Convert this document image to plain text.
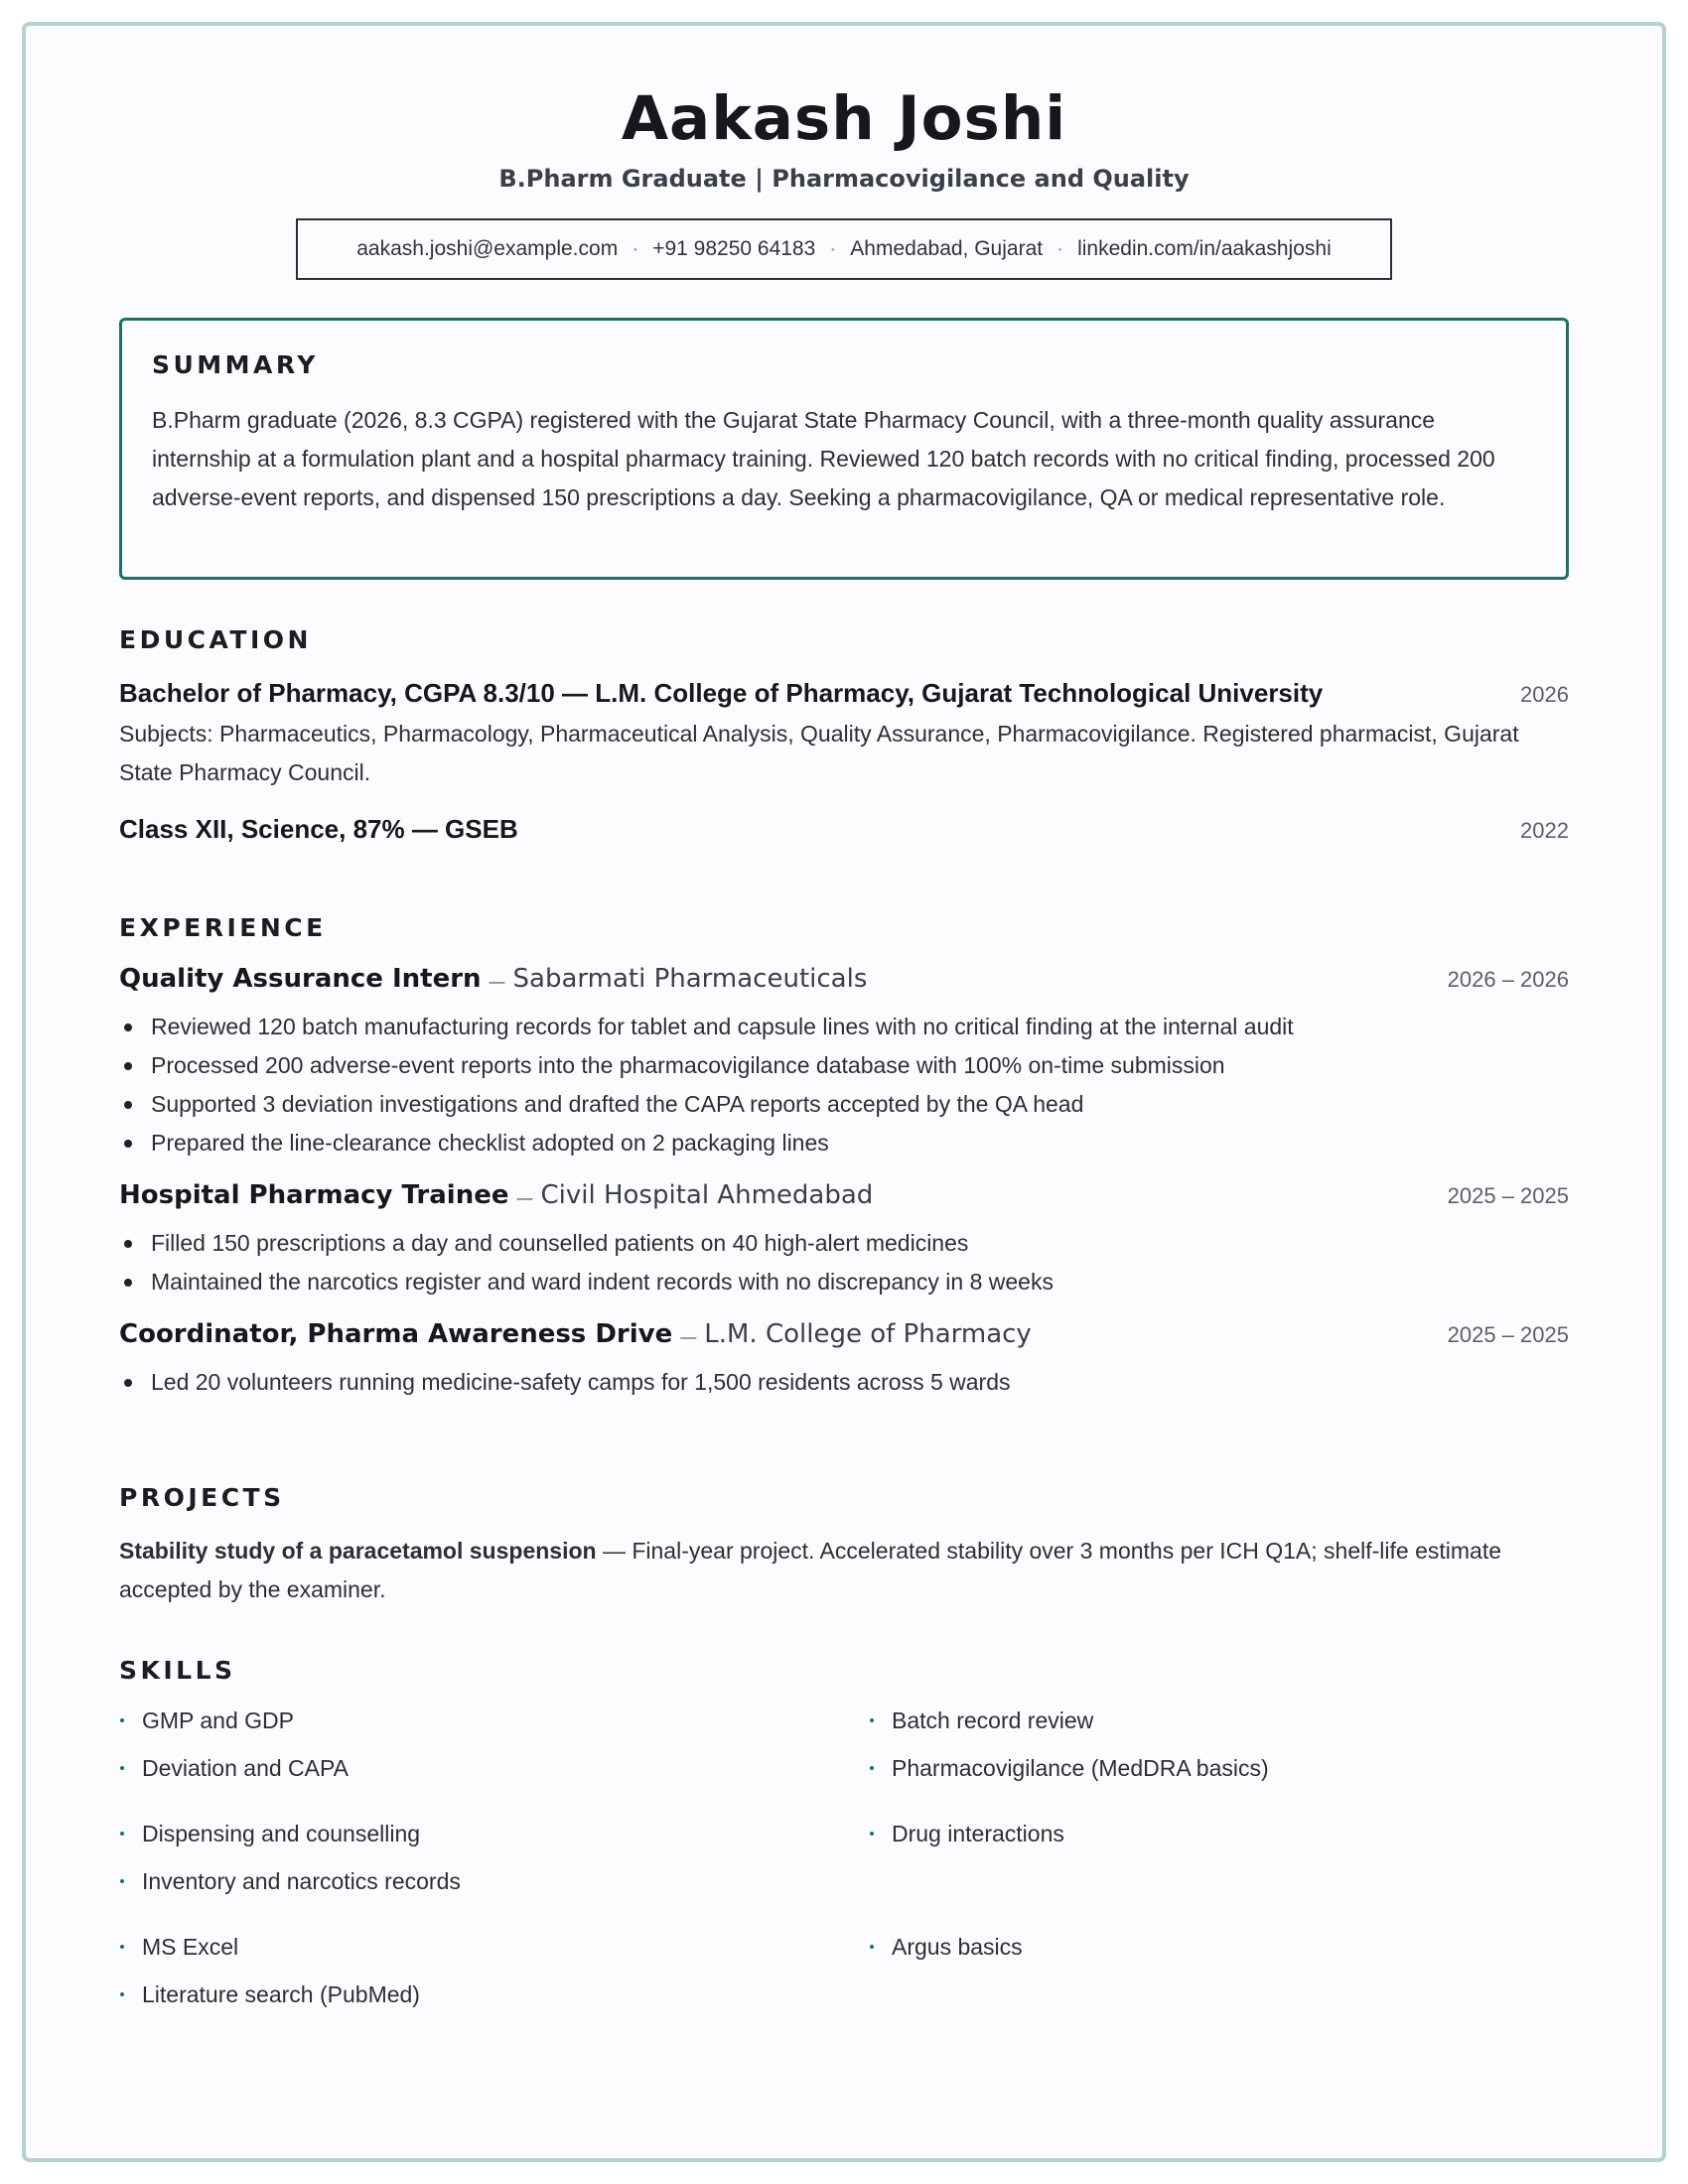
Aakash Joshi
B.Pharm Graduate | Pharmacovigilance and Quality
aakash.joshi@example.com · +91 98250 64183 · Ahmedabad, Gujarat · linkedin.com/in/aakashjoshi
SUMMARY
B.Pharm graduate (2026, 8.3 CGPA) registered with the Gujarat State Pharmacy Council, with a three-month quality assurance internship at a formulation plant and a hospital pharmacy training. Reviewed 120 batch records with no critical finding, processed 200 adverse-event reports, and dispensed 150 prescriptions a day. Seeking a pharmacovigilance, QA or medical representative role.
EDUCATION
Bachelor of Pharmacy, CGPA 8.3/10 — L.M. College of Pharmacy, Gujarat Technological University	2026
Subjects: Pharmaceutics, Pharmacology, Pharmaceutical Analysis, Quality Assurance, Pharmacovigilance. Registered pharmacist, Gujarat State Pharmacy Council.
Class XII, Science, 87% — GSEB	2022
EXPERIENCE
Quality Assurance Intern — Sabarmati Pharmaceuticals	2026 – 2026
Reviewed 120 batch manufacturing records for tablet and capsule lines with no critical finding at the internal audit
Processed 200 adverse-event reports into the pharmacovigilance database with 100% on-time submission
Supported 3 deviation investigations and drafted the CAPA reports accepted by the QA head
Prepared the line-clearance checklist adopted on 2 packaging lines
Hospital Pharmacy Trainee — Civil Hospital Ahmedabad	2025 – 2025
Filled 150 prescriptions a day and counselled patients on 40 high-alert medicines
Maintained the narcotics register and ward indent records with no discrepancy in 8 weeks
Coordinator, Pharma Awareness Drive — L.M. College of Pharmacy	2025 – 2025
Led 20 volunteers running medicine-safety camps for 1,500 residents across 5 wards
PROJECTS
Stability study of a paracetamol suspension — Final-year project. Accelerated stability over 3 months per ICH Q1A; shelf-life estimate accepted by the examiner.
SKILLS
GMP and GDP
Deviation and CAPA
Batch record review
Pharmacovigilance (MedDRA basics)
Dispensing and counselling
Inventory and narcotics records
Drug interactions
MS Excel
Literature search (PubMed)
Argus basics
